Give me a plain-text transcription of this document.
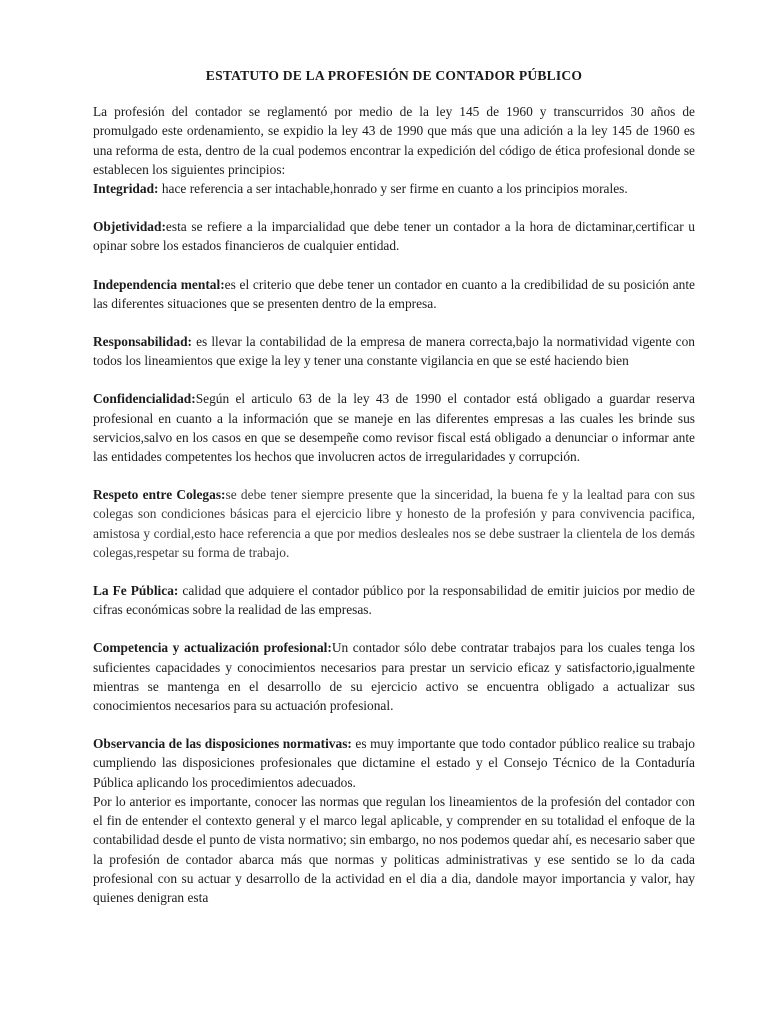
ESTATUTO DE LA PROFESIÓN DE CONTADOR PÚBLICO

La profesión del contador se reglamentó por medio de la ley 145 de 1960 y transcurridos 30 años de promulgado este ordenamiento, se expidio la ley 43 de 1990 que más que una adición a la ley 145 de 1960 es una reforma de esta, dentro de la cual podemos encontrar la expedición del código de ética profesional donde se establecen los siguientes principios:

Integridad: hace referencia a ser intachable,honrado y ser firme en cuanto a los principios morales.

Objetividad:esta se refiere a la imparcialidad que debe tener un contador a la hora de dictaminar,certificar u opinar sobre los estados financieros de cualquier entidad.

Independencia mental:es el criterio que debe tener un contador en cuanto a la credibilidad de su posición ante las diferentes situaciones que se presenten dentro de la empresa.

Responsabilidad: es llevar la contabilidad de la empresa de manera correcta,bajo la normatividad vigente con todos los lineamientos que exige la ley y tener una constante vigilancia en que se esté haciendo bien

Confidencialidad:Según el articulo 63 de la ley 43 de 1990 el contador está obligado a guardar reserva profesional en cuanto a la información que se maneje en las diferentes empresas a las cuales les brinde sus servicios,salvo en los casos en que se desempeñe como revisor fiscal está obligado a denunciar o informar ante las entidades competentes los hechos que involucren actos de irregularidades y corrupción.

Respeto entre Colegas:se debe tener siempre presente que la sinceridad, la buena fe y la lealtad para con sus colegas son condiciones básicas para el ejercicio libre y honesto de la profesión y para convivencia pacifica, amistosa y cordial,esto hace referencia a que por medios desleales nos se debe sustraer la clientela de los demás colegas,respetar su forma de trabajo.

La Fe Pública: calidad que adquiere el contador público por la responsabilidad de emitir juicios por medio de cifras económicas sobre la realidad de las empresas.

Competencia y actualización profesional:Un contador sólo debe contratar trabajos para los cuales tenga los suficientes capacidades y conocimientos necesarios para prestar un servicio eficaz y satisfactorio,igualmente mientras se mantenga en el desarrollo de su ejercicio activo se encuentra obligado a actualizar sus conocimientos necesarios para su actuación profesional.

Observancia de las disposiciones normativas: es muy importante que todo contador público realice su trabajo cumpliendo las disposiciones profesionales que dictamine el estado y el Consejo Técnico de la Contaduría Pública aplicando los procedimientos adecuados.

Por lo anterior es importante, conocer las normas que regulan los lineamientos de la profesión del contador con el fin de entender el contexto general y el marco legal aplicable, y comprender en su totalidad el enfoque de la contabilidad desde el punto de vista normativo; sin embargo, no nos podemos quedar ahí, es necesario saber que la profesión de contador abarca más que normas y politicas administrativas y ese sentido se lo da cada profesional con su actuar y desarrollo de la actividad en el dia a dia, dandole mayor importancia y valor, hay quienes denigran esta
